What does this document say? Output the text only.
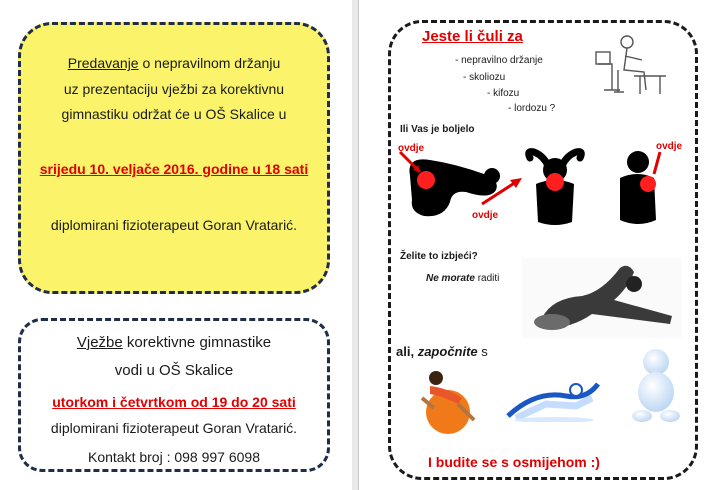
Predavanje o nepravilnom držanju
uz prezentaciju vježbi za korektivnu
gimnastiku održat će u OŠ Skalice u
srijedu 10. veljače 2016. godine u 18 sati
diplomirani fizioterapeut Goran Vratarić.
Vježbe korektivne gimnastike
vodi u OŠ Skalice
utorkom i četvrtkom od 19 do 20 sati
diplomirani fizioterapeut Goran Vratarić.
Kontakt broj : 098 997 6098
Jeste li čuli za
- nepravilno držanje
- skoliozu
- kifozu
- lordozu ?
Ili Vas je boljelo
ovdje
ovdje
ovdje
Želite to izbjeći?
Ne morate raditi
ali, započnite s
I budite se s osmijehom :)
